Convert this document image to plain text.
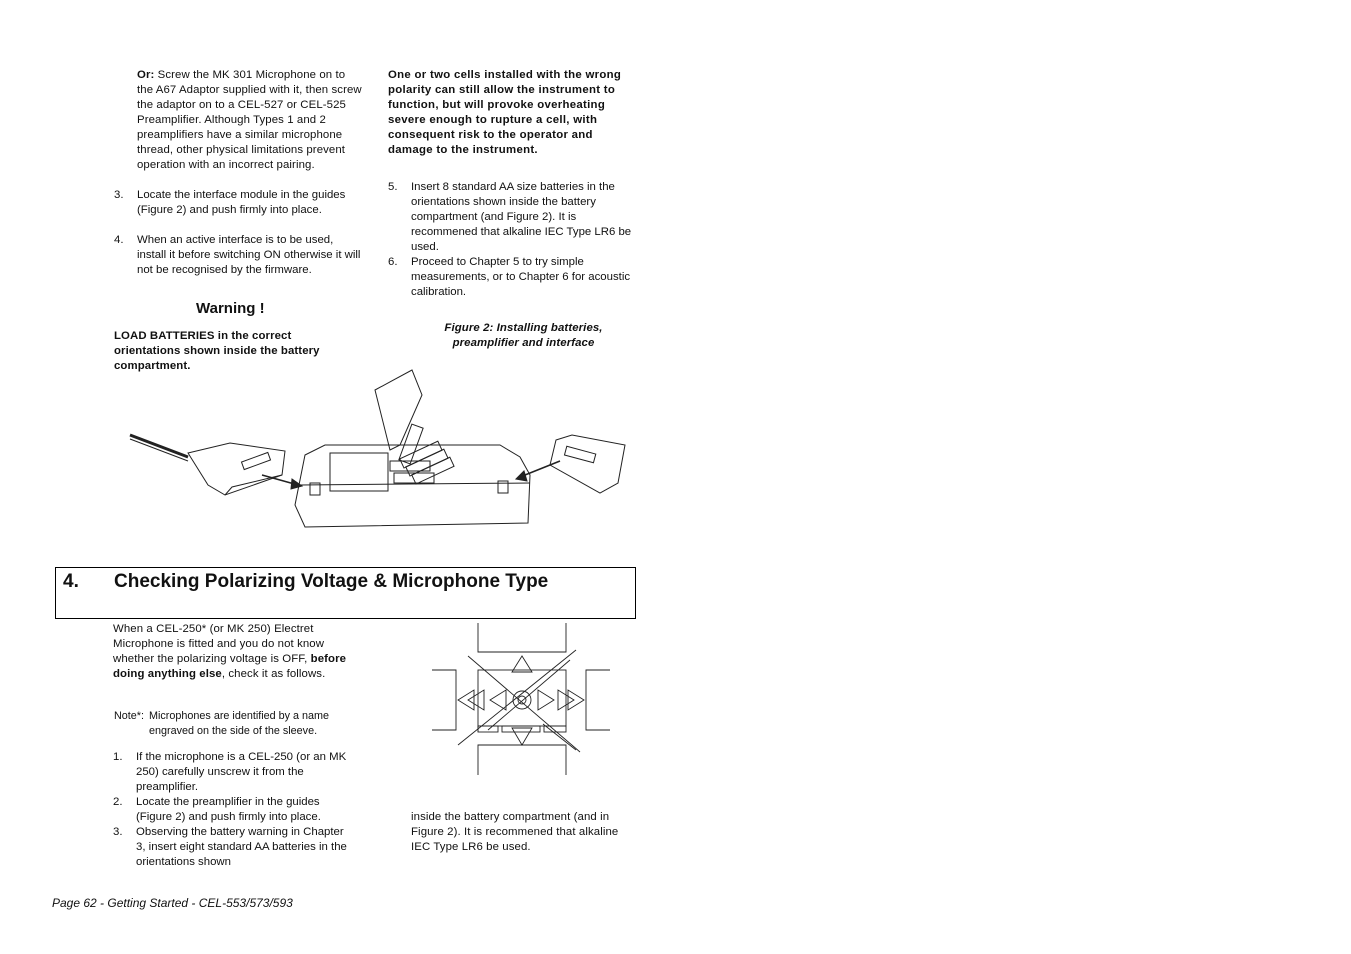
Or: Screw the MK 301 Microphone on to the A67 Adaptor supplied with it, then screw the adaptor on to a CEL-527 or CEL-525 Preamplifier. Although Types 1 and 2 preamplifiers have a similar microphone thread, other physical limitations prevent operation with an incorrect pairing.
3. Locate the interface module in the guides (Figure 2) and push firmly into place.
4. When an active interface is to be used, install it before switching ON otherwise it will not be recognised by the firmware.
Warning !
LOAD BATTERIES in the correct orientations shown inside the battery compartment.
One or two cells installed with the wrong polarity can still allow the instrument to function, but will provoke overheating severe enough to rupture a cell, with consequent risk to the operator and damage to the instrument.
5. Insert 8 standard AA size batteries in the orientations shown inside the battery compartment (and Figure 2). It is recommened that alkaline IEC Type LR6 be used.
6. Proceed to Chapter 5 to try simple measurements, or to Chapter 6 for acoustic calibration.
Figure 2: Installing batteries, preamplifier and interface
4. Checking Polarizing Voltage & Microphone Type
When a CEL-250* (or MK 250) Electret Microphone is fitted and you do not know whether the polarizing voltage is OFF, before doing anything else, check it as follows.
Note*: Microphones are identified by a name engraved on the side of the sleeve.
1. If the microphone is a CEL-250 (or an MK 250) carefully unscrew it from the preamplifier.
2. Locate the preamplifier in the guides (Figure 2) and push firmly into place.
3. Observing the battery warning in Chapter 3, insert eight standard AA batteries in the orientations shown
inside the battery compartment (and in Figure 2). It is recommened that alkaline IEC Type LR6 be used.
Page 62 - Getting Started - CEL-553/573/593
